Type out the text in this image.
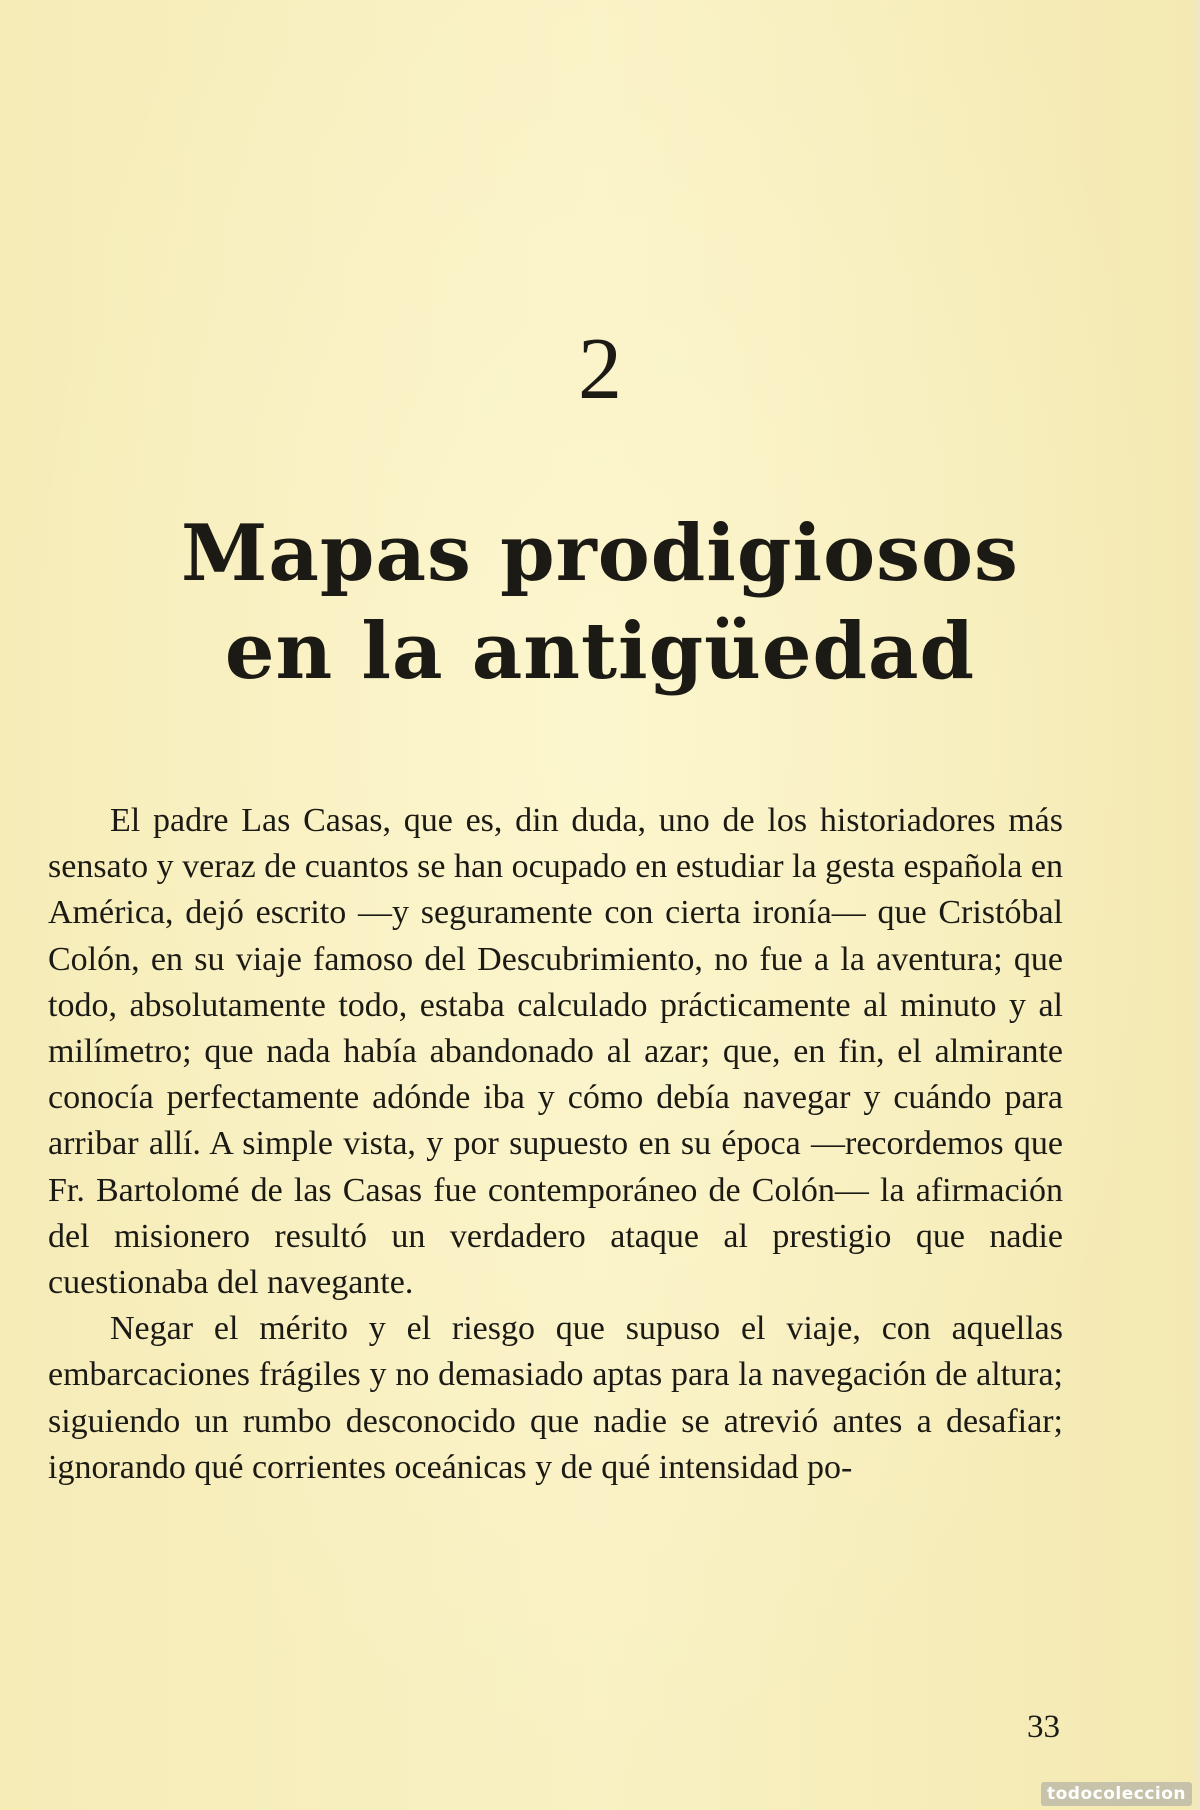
2
Mapas prodigiosos
en la antigüedad

El padre Las Casas, que es, din duda, uno de los historiadores más sensato y veraz de cuantos se han ocupado en estudiar la gesta española en América, dejó escrito —y seguramente con cierta ironía— que Cristóbal Colón, en su viaje famoso del Descubrimiento, no fue a la aventura; que todo, absolutamente todo, estaba calculado prácticamente al minuto y al milímetro; que nada había abandonado al azar; que, en fin, el almirante conocía perfectamente adónde iba y cómo debía navegar y cuándo para arribar allí. A simple vista, y por supuesto en su época —recordemos que Fr. Bartolomé de las Casas fue contemporáneo de Colón— la afirmación del misionero resultó un verdadero ataque al prestigio que nadie cuestionaba del navegante.

Negar el mérito y el riesgo que supuso el viaje, con aquellas embarcaciones frágiles y no demasiado aptas para la navegación de altura; siguiendo un rumbo desconocido que nadie se atrevió antes a desafiar; ignorando qué corrientes oceánicas y de qué intensidad po-

33
todocoleccion
